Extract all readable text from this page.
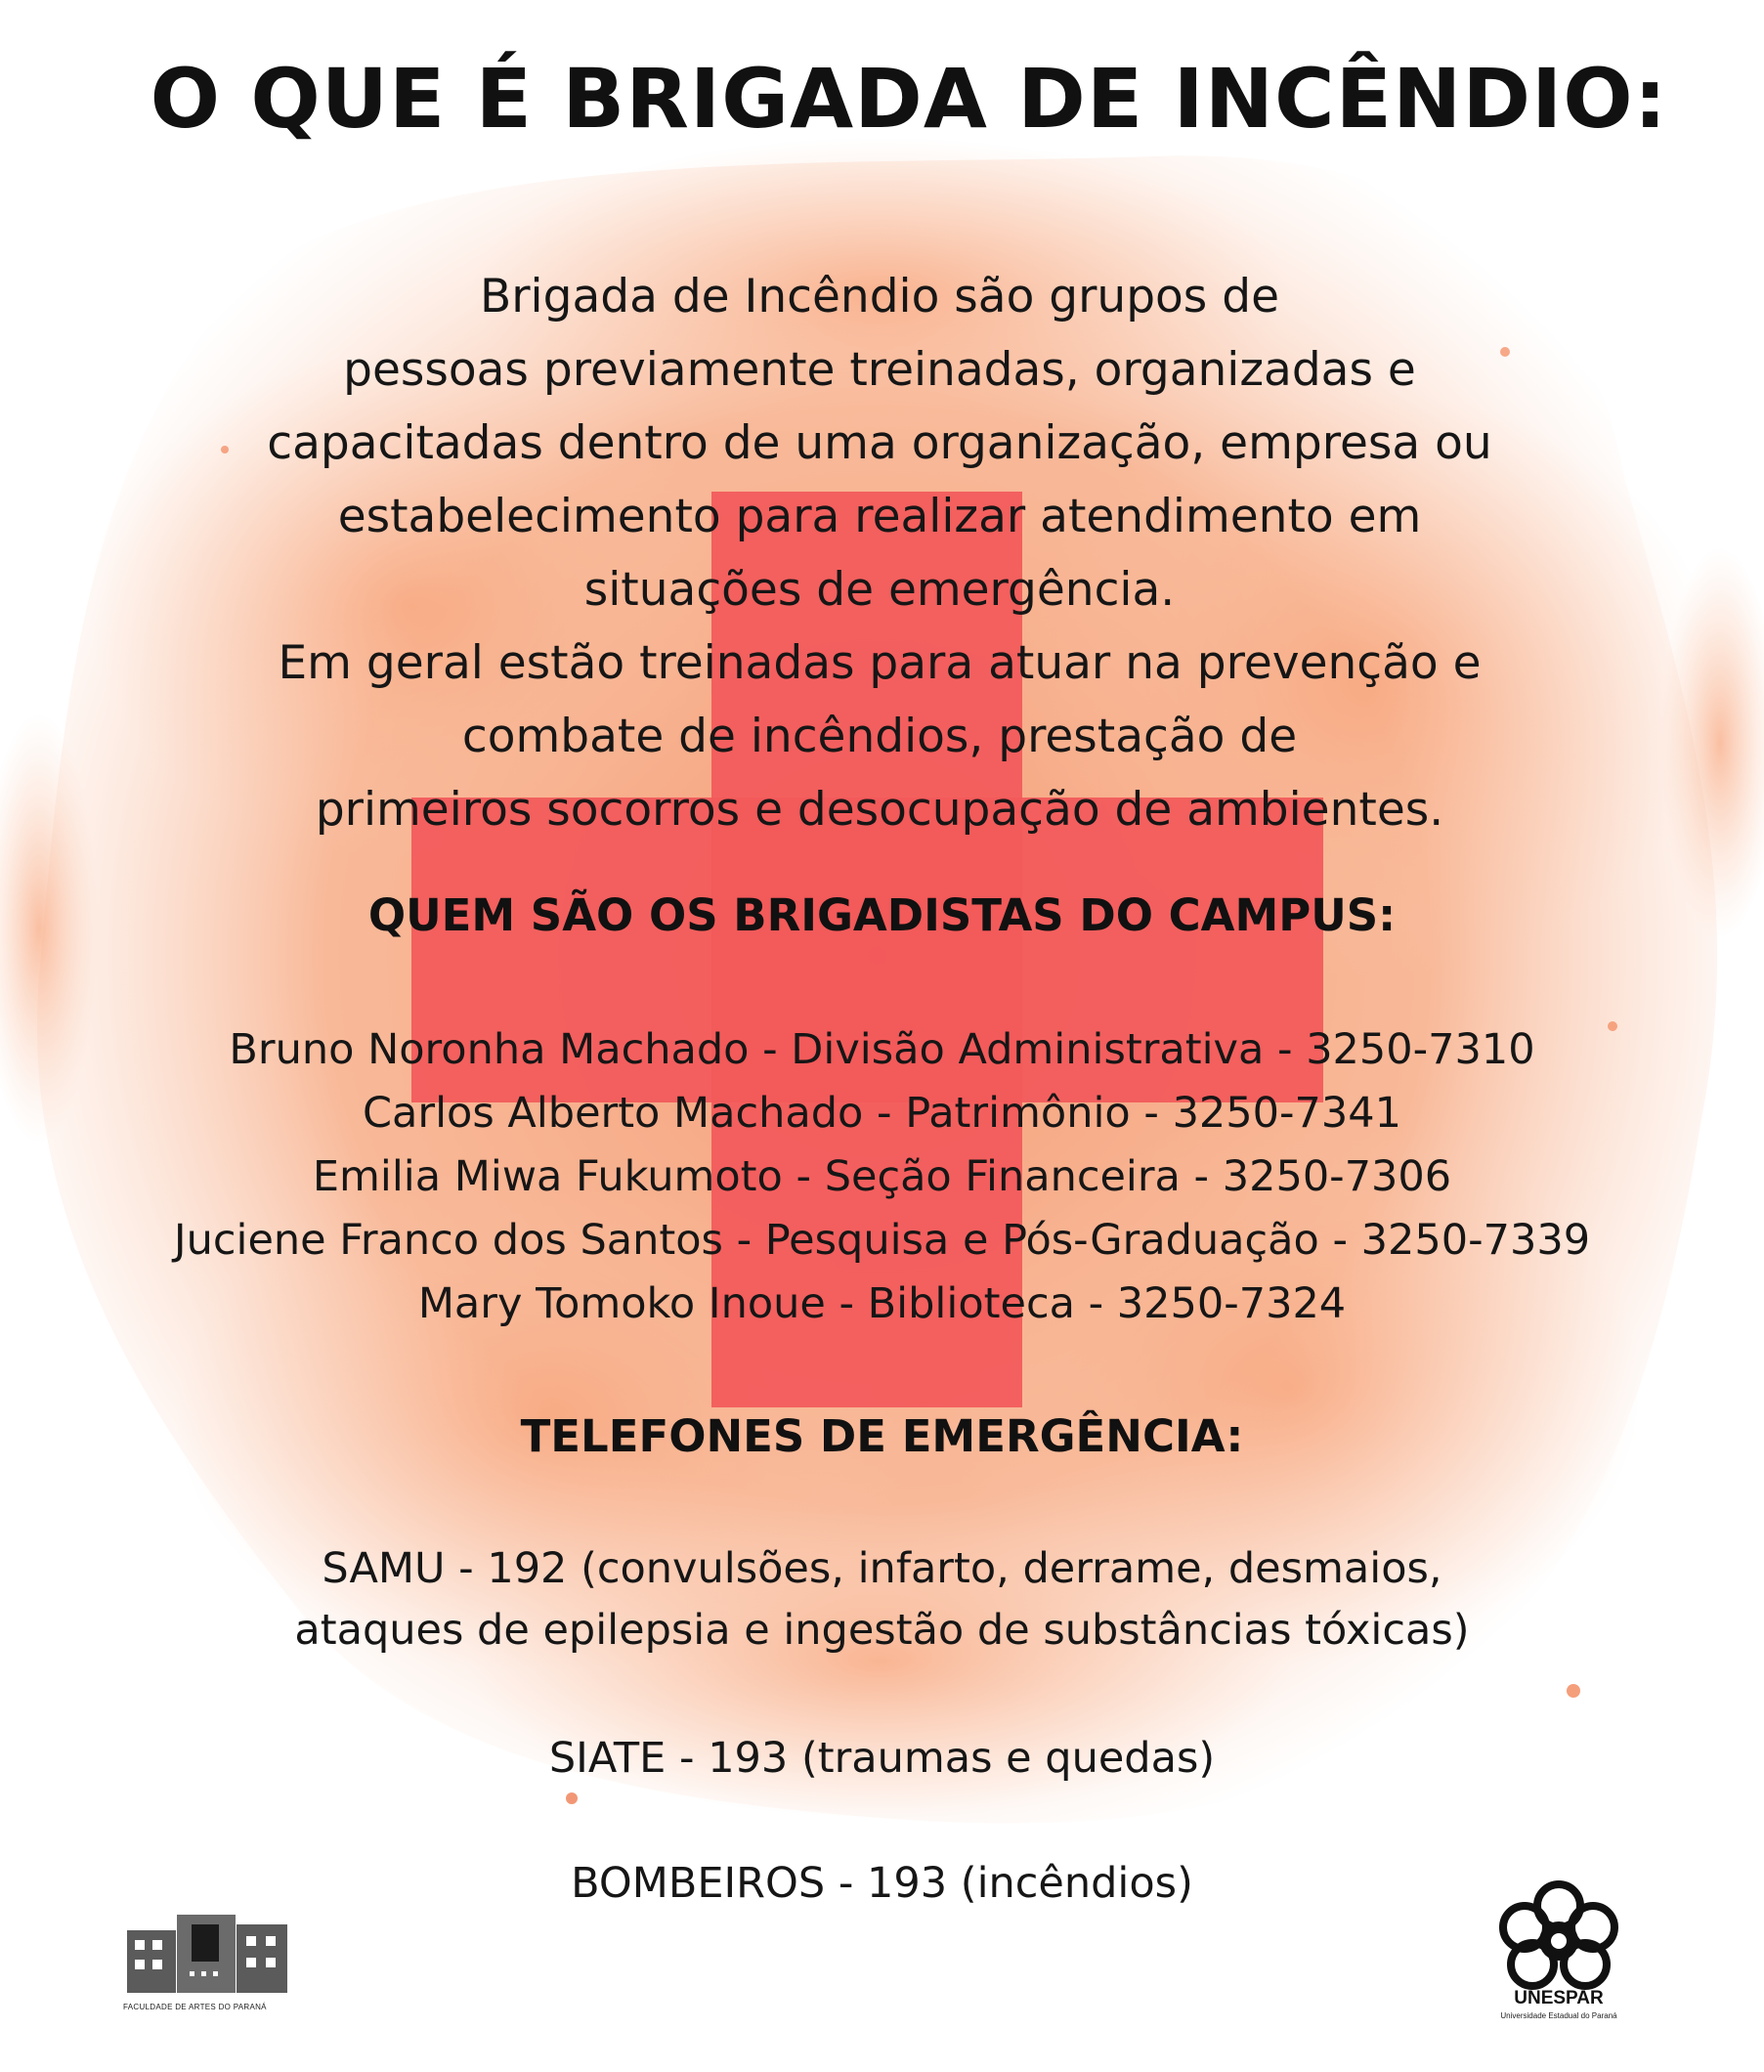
O QUE É BRIGADA DE INCÊNDIO:
Brigada de Incêndio são grupos de
pessoas previamente treinadas, organizadas e
capacitadas dentro de uma organização, empresa ou
estabelecimento para realizar atendimento em
situações de emergência.
Em geral estão treinadas para atuar na prevenção e
combate de incêndios, prestação de
primeiros socorros e desocupação de ambientes.
QUEM SÃO OS BRIGADISTAS DO CAMPUS:
Bruno Noronha Machado - Divisão Administrativa - 3250-7310
Carlos Alberto Machado - Patrimônio - 3250-7341
Emilia Miwa Fukumoto - Seção Financeira - 3250-7306
Juciene Franco dos Santos - Pesquisa e Pós-Graduação - 3250-7339
Mary Tomoko Inoue - Biblioteca - 3250-7324
TELEFONES DE EMERGÊNCIA:
SAMU - 192 (convulsões, infarto, derrame, desmaios,
ataques de epilepsia e ingestão de substâncias tóxicas)
SIATE - 193 (traumas e quedas)
BOMBEIROS - 193 (incêndios)
FACULDADE DE ARTES DO PARANÁ	UNESPAR
Universidade Estadual do Paraná
